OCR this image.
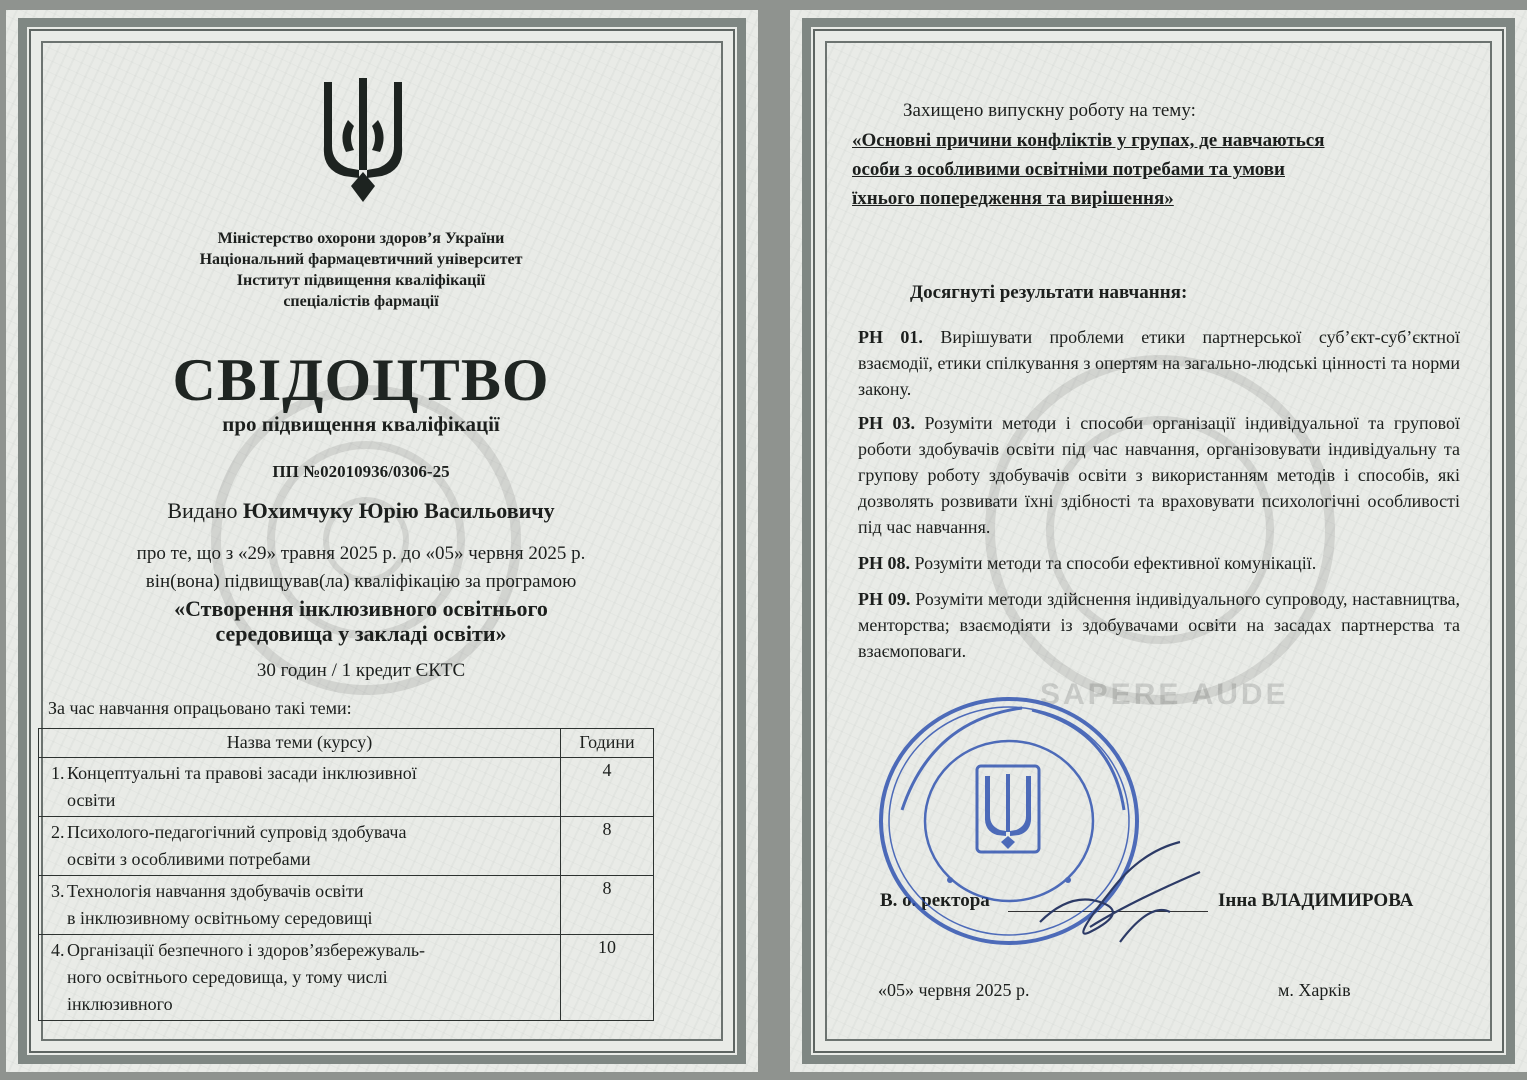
Міністерство охорони здоров’я України
Національний фармацевтичний університет
Інститут підвищення кваліфікації
спеціалістів фармації
СВІДОЦТВО
про підвищення кваліфікації
ПП №02010936/0306-25
Видано Юхимчуку Юрію Васильовичу
про те, що з «29» травня 2025 р. до «05» червня 2025 р.
він(вона) підвищував(ла) кваліфікацію за програмою
«Створення інклюзивного освітнього
середовища у закладі освіти»
30 годин / 1 кредит ЄКТС
За час навчання опрацьовано такі теми:
Назва теми (курсу)	Години

1. Концептуальні та правові засади інклюзивної
освіти	4

2. Психолого-педагогічний супровід здобувача
освіти з особливими потребами	8

3. Технологія навчання здобувачів освіти
в інклюзивному освітньому середовищі	8

4. Організації безпечного і здоров’язбережуваль-
ного освітнього середовища, у тому числі
інклюзивного	10
SAPERE AUDE
Захищено випускну роботу на тему:
«Основні причини конфліктів у групах, де навчаються
особи з особливими освітніми потребами та умови
їхнього попередження та вирішення»
Досягнуті результати навчання:
РН 01. Вирішувати проблеми етики партнерської суб’єкт-суб’єктної взаємодії, етики спілкування з опертям на загально-людські цінності та норми закону.
РН 03. Розуміти методи і способи організації індивідуальної та групової роботи здобувачів освіти під час навчання, організовувати індивідуальну та групову роботу здобувачів освіти з використанням методів і способів, які дозволять розвивати їхні здібності та враховувати психологічні особливості під час навчання.
РН 08. Розуміти методи та способи ефективної комунікації.
РН 09. Розуміти методи здійснення індивідуального супроводу, наставництва, менторства; взаємодіяти із здобувачами освіти на засадах партнерства та взаємоповаги.
В. о. ректора	Інна ВЛАДИМИРОВА
«05» червня 2025 р.	м. Харків
